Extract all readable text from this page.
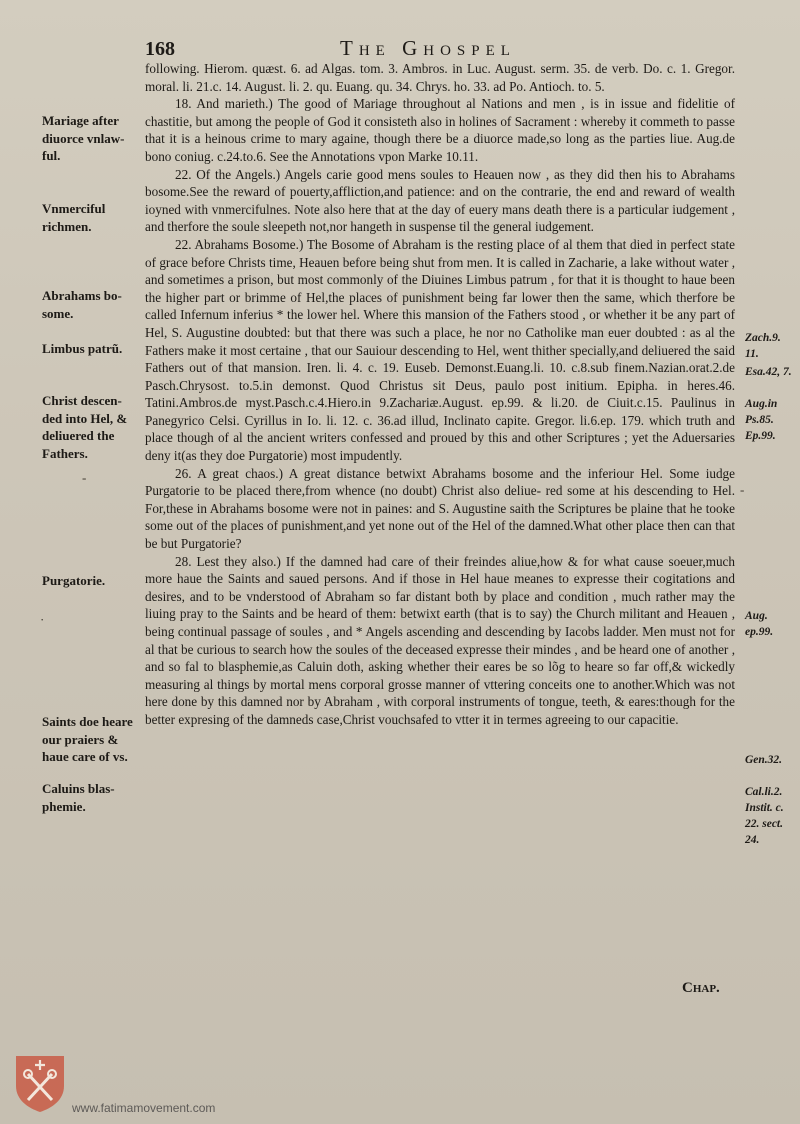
168	The Ghospel

following. Hierom. quæst. 6. ad Algas. tom. 3. Ambros. in Luc. August. serm. 35. de verb. Do. c. 1. Gregor. moral. li. 21.c. 14. August. li. 2. qu. Euang. qu. 34. Chrys. ho. 33. ad Po. Antioch. to. 5.

18. And marieth.) The good of Mariage throughout al Nations and men , is in issue and fidelitie of chastitie, but among the people of God it consisteth also in holines of Sacrament : whereby it commeth to passe that it is a heinous crime to mary againe, though there be a diuorce made,so long as the parties liue. Aug.de bono coniug. c.24.to.6. See the Annotations vpon Marke 10.11.

22. Of the Angels.) Angels carie good mens soules to Heauen now , as they did then his to Abrahams bosome.See the reward of pouerty,affliction,and patience: and on the contrarie, the end and reward of wealth ioyned with vnmercifulnes. Note also here that at the day of euery mans death there is a particular iudgement , and therfore the soule sleepeth not,nor hangeth in suspense til the general iudgement.

22. Abrahams Bosome.) The Bosome of Abraham is the resting place of al them that died in perfect state of grace before Christs time, Heauen before being shut from men. It is called in Zacharie, a lake without water , and sometimes a prison, but most commonly of the Diuines Limbus patrum , for that it is thought to haue been the higher part or brimme of Hel,the places of punishment being far lower then the same, which therfore be called Infernum inferius * the lower hel. Where this mansion of the Fathers stood , or whether it be any part of Hel, S. Augustine doubted: but that there was such a place, he nor no Catholike man euer doubted : as al the Fathers make it most certaine , that our Sauiour descending to Hel, went thither specially,and deliuered the said Fathers out of that mansion. Iren. li. 4. c. 19. Euseb. Demonst.Euang.li. 10. c.8.sub finem.Nazian.orat.2.de Pasch.Chrysost. to.5.in demonst. Quod Christus sit Deus, paulo post initium. Epipha. in heres.46. Tatini.Ambros.de myst.Pasch.c.4.Hiero.in 9.Zachariæ.August. ep.99. & li.20. de Ciuit.c.15. Paulinus in Panegyrico Celsi. Cyrillus in Io. li. 12. c. 36.ad illud, Inclinato capite. Gregor. li.6.ep. 179. which truth and place though of al the ancient writers confessed and proued by this and other Scriptures ; yet the Aduersaries deny it(as they doe Purgatorie) most impudently.

26. A great chaos.) A great distance betwixt Abrahams bosome and the inferiour Hel. Some iudge Purgatorie to be placed there,from whence (no doubt) Christ also deliue- red some at his descending to Hel. For,these in Abrahams bosome were not in paines: and S. Augustine saith the Scriptures be plaine that he tooke some out of the places of punishment,and yet none out of the Hel of the damned.What other place then can that be but Purgatorie?

28. Lest they also.) If the damned had care of their freindes aliue,how & for what cause soeuer,much more haue the Saints and saued persons. And if those in Hel haue meanes to expresse their cogitations and desires, and to be vnderstood of Abraham so far distant both by place and condition , much rather may the liuing pray to the Saints and be heard of them: betwixt earth (that is to say) the Church militant and Heauen , being continual passage of soules , and * Angels ascending and descending by Iacobs ladder. Men must not for al that be curious to search how the soules of the deceased expresse their mindes , and be heard one of another , and so fal to blasphemie,as Caluin doth, asking whether their eares be so lõg to heare so far off,& wickedly measuring al things by mortal mens corporal grosse manner of vttering conceits one to another.Which was not here done by this damned nor by Abraham , with corporal instruments of tongue, teeth, & eares:though for the better expresing of the damneds case,Christ vouchsafed to vtter it in termes agreeing to our capacitie.

Mariage after diuorce vnlaw- ful.
Vnmerciful richmen.
Abrahams bo- some.
Limbus patrũ.
Christ descen- ded into Hel, & deliuered the Fathers.
Purgatorie.
Saints doe heare our praiers & haue care of vs.
Caluins blas- phemie.
Zach.9. 11.
Esa.42, 7.
Aug.in Ps.85. Ep.99.
Aug. ep.99.
Gen.32.
Cal.li.2. Instit. c. 22. sect. 24.
-
·
-
Chap.
www.fatimamovement.com
